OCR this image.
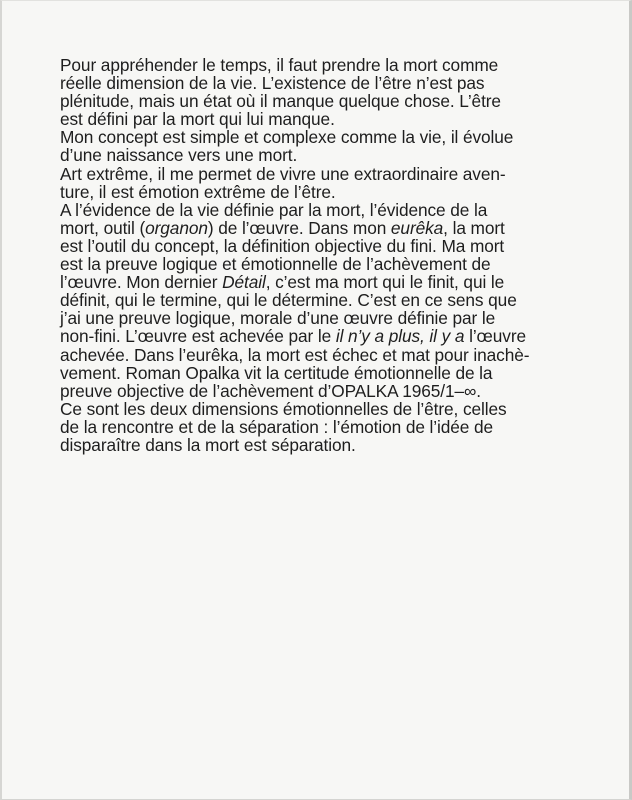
Pour appréhender le temps, il faut prendre la mort comme
réelle dimension de la vie. L’existence de l’être n’est pas
plénitude, mais un état où il manque quelque chose. L’être
est défini par la mort qui lui manque.
Mon concept est simple et complexe comme la vie, il évolue
d’une naissance vers une mort.
Art extrême, il me permet de vivre une extraordinaire aven-
ture, il est émotion extrême de l’être.
A l’évidence de la vie définie par la mort, l’évidence de la
mort, outil (organon) de l’œuvre. Dans mon eurêka, la mort
est l’outil du concept, la définition objective du fini. Ma mort
est la preuve logique et émotionnelle de l’achèvement de
l’œuvre. Mon dernier Détail, c’est ma mort qui le finit, qui le
définit, qui le termine, qui le détermine. C’est en ce sens que
j’ai une preuve logique, morale d’une œuvre définie par le
non-fini. L’œuvre est achevée par le il n’y a plus, il y a l’œuvre
achevée. Dans l’eurêka, la mort est échec et mat pour inachè-
vement. Roman Opalka vit la certitude émotionnelle de la
preuve objective de l’achèvement d’OPALKA 1965/1–∞.
Ce sont les deux dimensions émotionnelles de l’être, celles
de la rencontre et de la séparation : l’émotion de l’idée de
disparaître dans la mort est séparation.
